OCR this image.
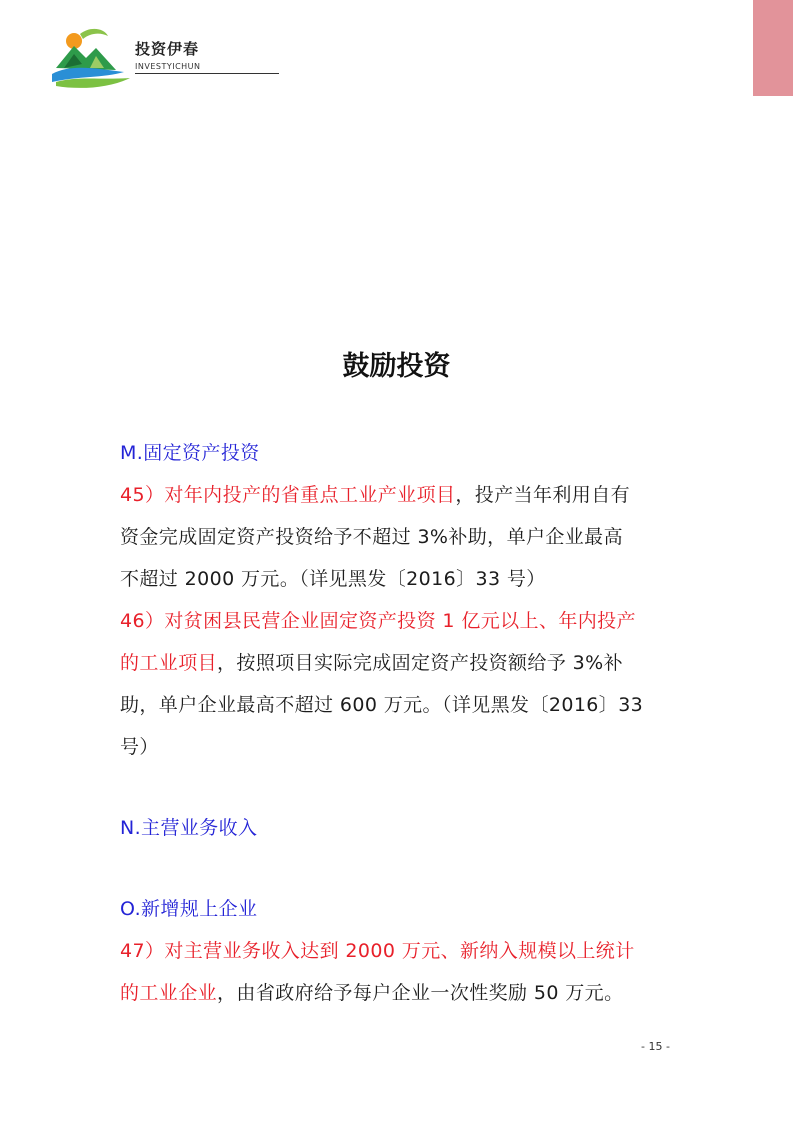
投资伊春
INVESTYICHUN
鼓励投资
M.固定资产投资
45）对年内投产的省重点工业产业项目，投产当年利用自有
资金完成固定资产投资给予不超过 3%补助，单户企业最高
不超过 2000 万元。（详见黑发〔2016〕33 号）
46）对贫困县民营企业固定资产投资 1 亿元以上、年内投产
的工业项目，按照项目实际完成固定资产投资额给予 3%补
助，单户企业最高不超过 600 万元。（详见黑发〔2016〕33
号）
N.主营业务收入
O.新增规上企业
47）对主营业务收入达到 2000 万元、新纳入规模以上统计
的工业企业，由省政府给予每户企业一次性奖励 50 万元。
- 15 -
